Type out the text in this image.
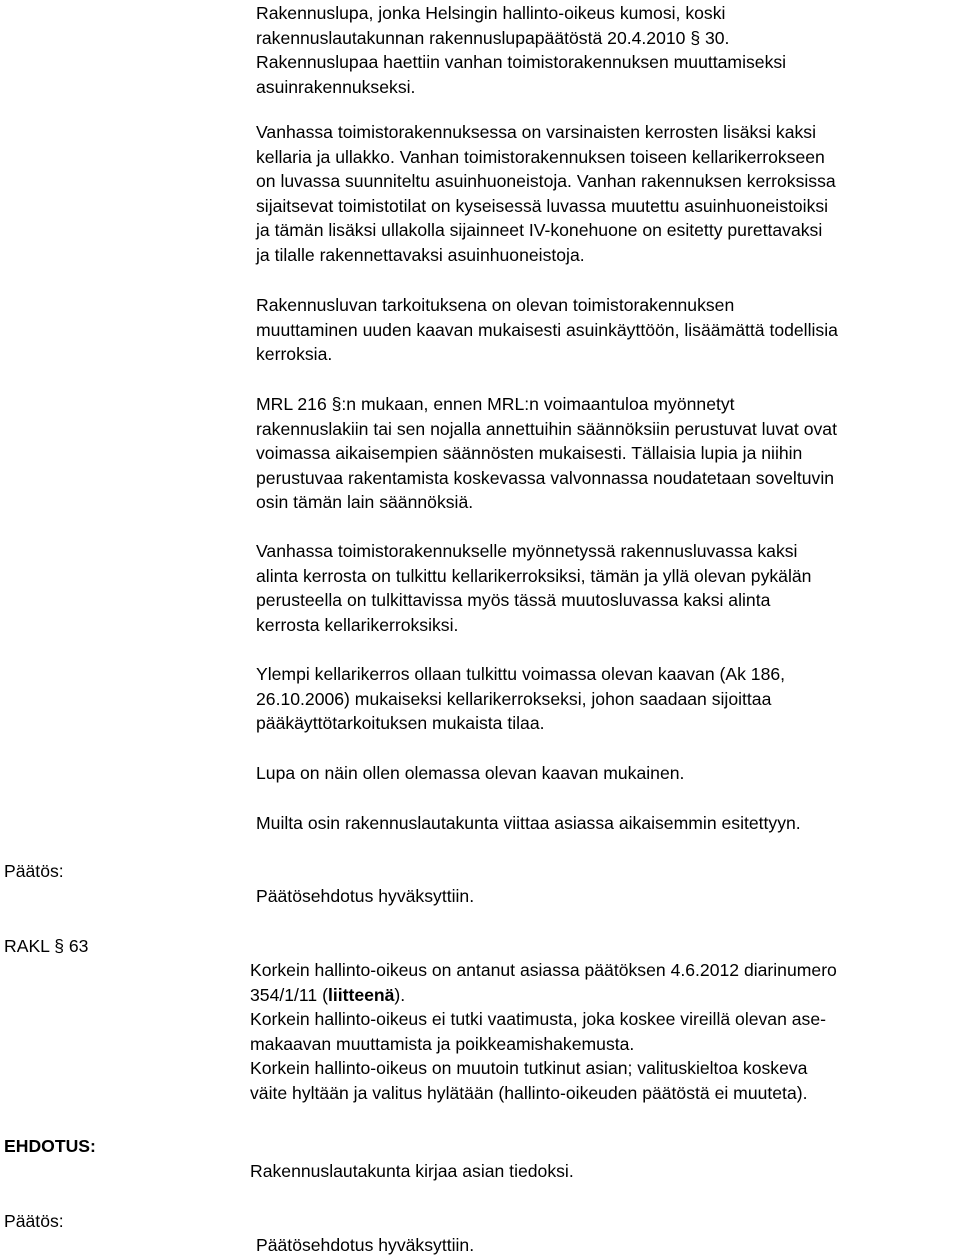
Rakennuslupa, jonka Helsingin hallinto-oikeus kumosi, koski
rakennuslautakunnan rakennuslupapäätöstä 20.4.2010 § 30.
Rakennuslupaa haettiin vanhan toimistorakennuksen muuttamiseksi
asuinrakennukseksi.
Vanhassa toimistorakennuksessa on varsinaisten kerrosten lisäksi kaksi
kellaria ja ullakko. Vanhan toimistorakennuksen toiseen kellarikerrokseen
on luvassa suunniteltu asuinhuoneistoja. Vanhan rakennuksen kerroksissa
sijaitsevat toimistotilat on kyseisessä luvassa muutettu asuinhuoneistoiksi
ja tämän lisäksi ullakolla sijainneet IV-konehuone on esitetty purettavaksi
ja tilalle rakennettavaksi asuinhuoneistoja.
Rakennusluvan tarkoituksena on olevan toimistorakennuksen
muuttaminen uuden kaavan mukaisesti asuinkäyttöön, lisäämättä todellisia
kerroksia.
MRL 216 §:n mukaan, ennen MRL:n voimaantuloa myönnetyt
rakennuslakiin tai sen nojalla annettuihin säännöksiin perustuvat luvat ovat
voimassa aikaisempien säännösten mukaisesti. Tällaisia lupia ja niihin
perustuvaa rakentamista koskevassa valvonnassa noudatetaan soveltuvin
osin tämän lain säännöksiä.
Vanhassa toimistorakennukselle myönnetyssä rakennusluvassa kaksi
alinta kerrosta on tulkittu kellarikerroksiksi, tämän ja yllä olevan pykälän
perusteella on tulkittavissa myös tässä muutosluvassa kaksi alinta
kerrosta kellarikerroksiksi.
Ylempi kellarikerros ollaan tulkittu voimassa olevan kaavan (Ak 186,
26.10.2006) mukaiseksi kellarikerrokseksi, johon saadaan sijoittaa
pääkäyttötarkoituksen mukaista tilaa.
Lupa on näin ollen olemassa olevan kaavan mukainen.
Muilta osin rakennuslautakunta viittaa asiassa aikaisemmin esitettyyn.
Päätös:
Päätösehdotus hyväksyttiin.
RAKL § 63
Korkein hallinto-oikeus on antanut asiassa päätöksen 4.6.2012 diarinumero
354/1/11 (liitteenä).
Korkein hallinto-oikeus ei tutki vaatimusta, joka koskee vireillä olevan ase-
makaavan muuttamista ja poikkeamishakemusta.
Korkein hallinto-oikeus on muutoin tutkinut asian; valituskieltoa koskeva
väite hyltään ja valitus hylätään (hallinto-oikeuden päätöstä ei muuteta).
EHDOTUS:
Rakennuslautakunta kirjaa asian tiedoksi.
Päätös:
Päätösehdotus hyväksyttiin.
